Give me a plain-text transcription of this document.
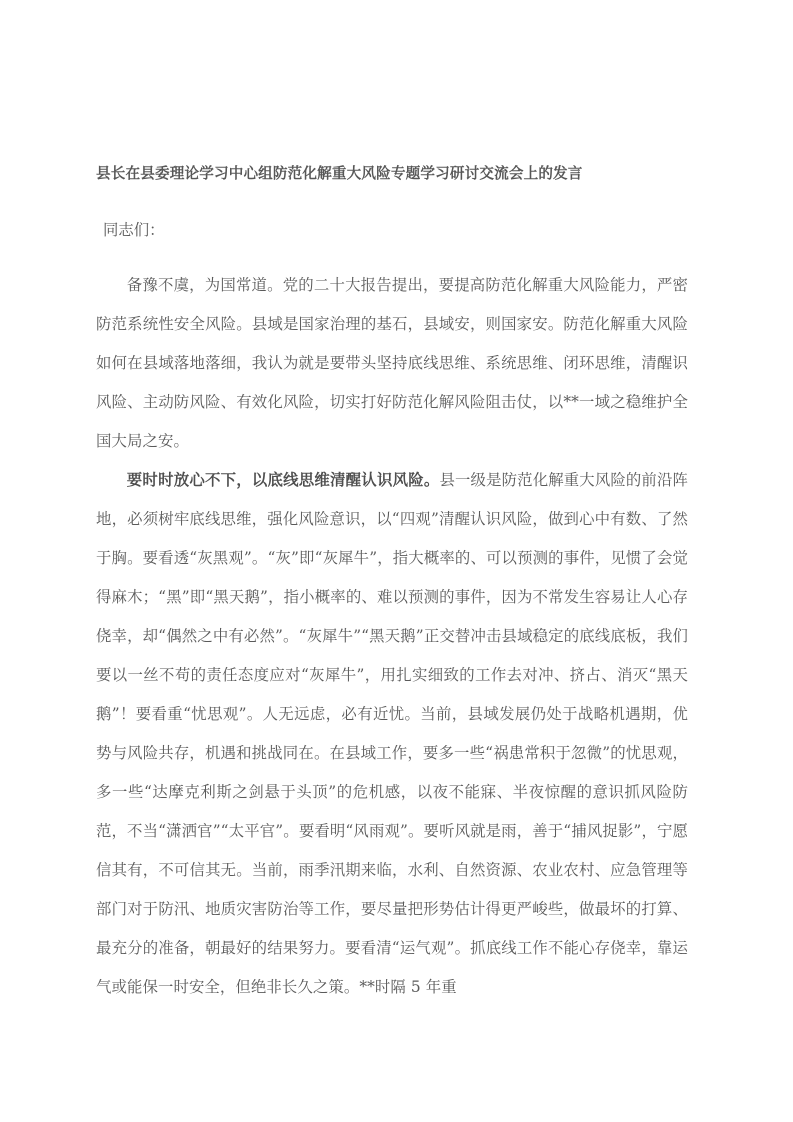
县长在县委理论学习中心组防范化解重大风险专题学习研讨交流会上的发言

同志们：

备豫不虞，为国常道。党的二十大报告提出，要提高防范化解重大风险能力，严密防范系统性安全风险。县域是国家治理的基石，县域安，则国家安。防范化解重大风险如何在县域落地落细，我认为就是要带头坚持底线思维、系统思维、闭环思维，清醒识风险、主动防风险、有效化风险，切实打好防范化解风险阻击仗，以**一域之稳维护全国大局之安。

要时时放心不下，以底线思维清醒认识风险。县一级是防范化解重大风险的前沿阵地，必须树牢底线思维，强化风险意识，以“四观”清醒认识风险，做到心中有数、了然于胸。要看透“灰黑观”。“灰”即“灰犀牛”，指大概率的、可以预测的事件，见惯了会觉得麻木；“黑”即“黑天鹅”，指小概率的、难以预测的事件，因为不常发生容易让人心存侥幸，却“偶然之中有必然”。“灰犀牛”“黑天鹅”正交替冲击县域稳定的底线底板，我们要以一丝不苟的责任态度应对“灰犀牛”，用扎实细致的工作去对冲、挤占、消灭“黑天鹅”！要看重“忧思观”。人无远虑，必有近忧。当前，县域发展仍处于战略机遇期，优势与风险共存，机遇和挑战同在。在县域工作，要多一些“祸患常积于忽微”的忧思观，多一些“达摩克利斯之剑悬于头顶”的危机感，以夜不能寐、半夜惊醒的意识抓风险防范，不当“潇洒官”“太平官”。要看明“风雨观”。要听风就是雨，善于“捕风捉影”，宁愿信其有，不可信其无。当前，雨季汛期来临，水利、自然资源、农业农村、应急管理等部门对于防汛、地质灾害防治等工作，要尽量把形势估计得更严峻些，做最坏的打算、最充分的准备，朝最好的结果努力。要看清“运气观”。抓底线工作不能心存侥幸，靠运气或能保一时安全，但绝非长久之策。**时隔 5 年重
